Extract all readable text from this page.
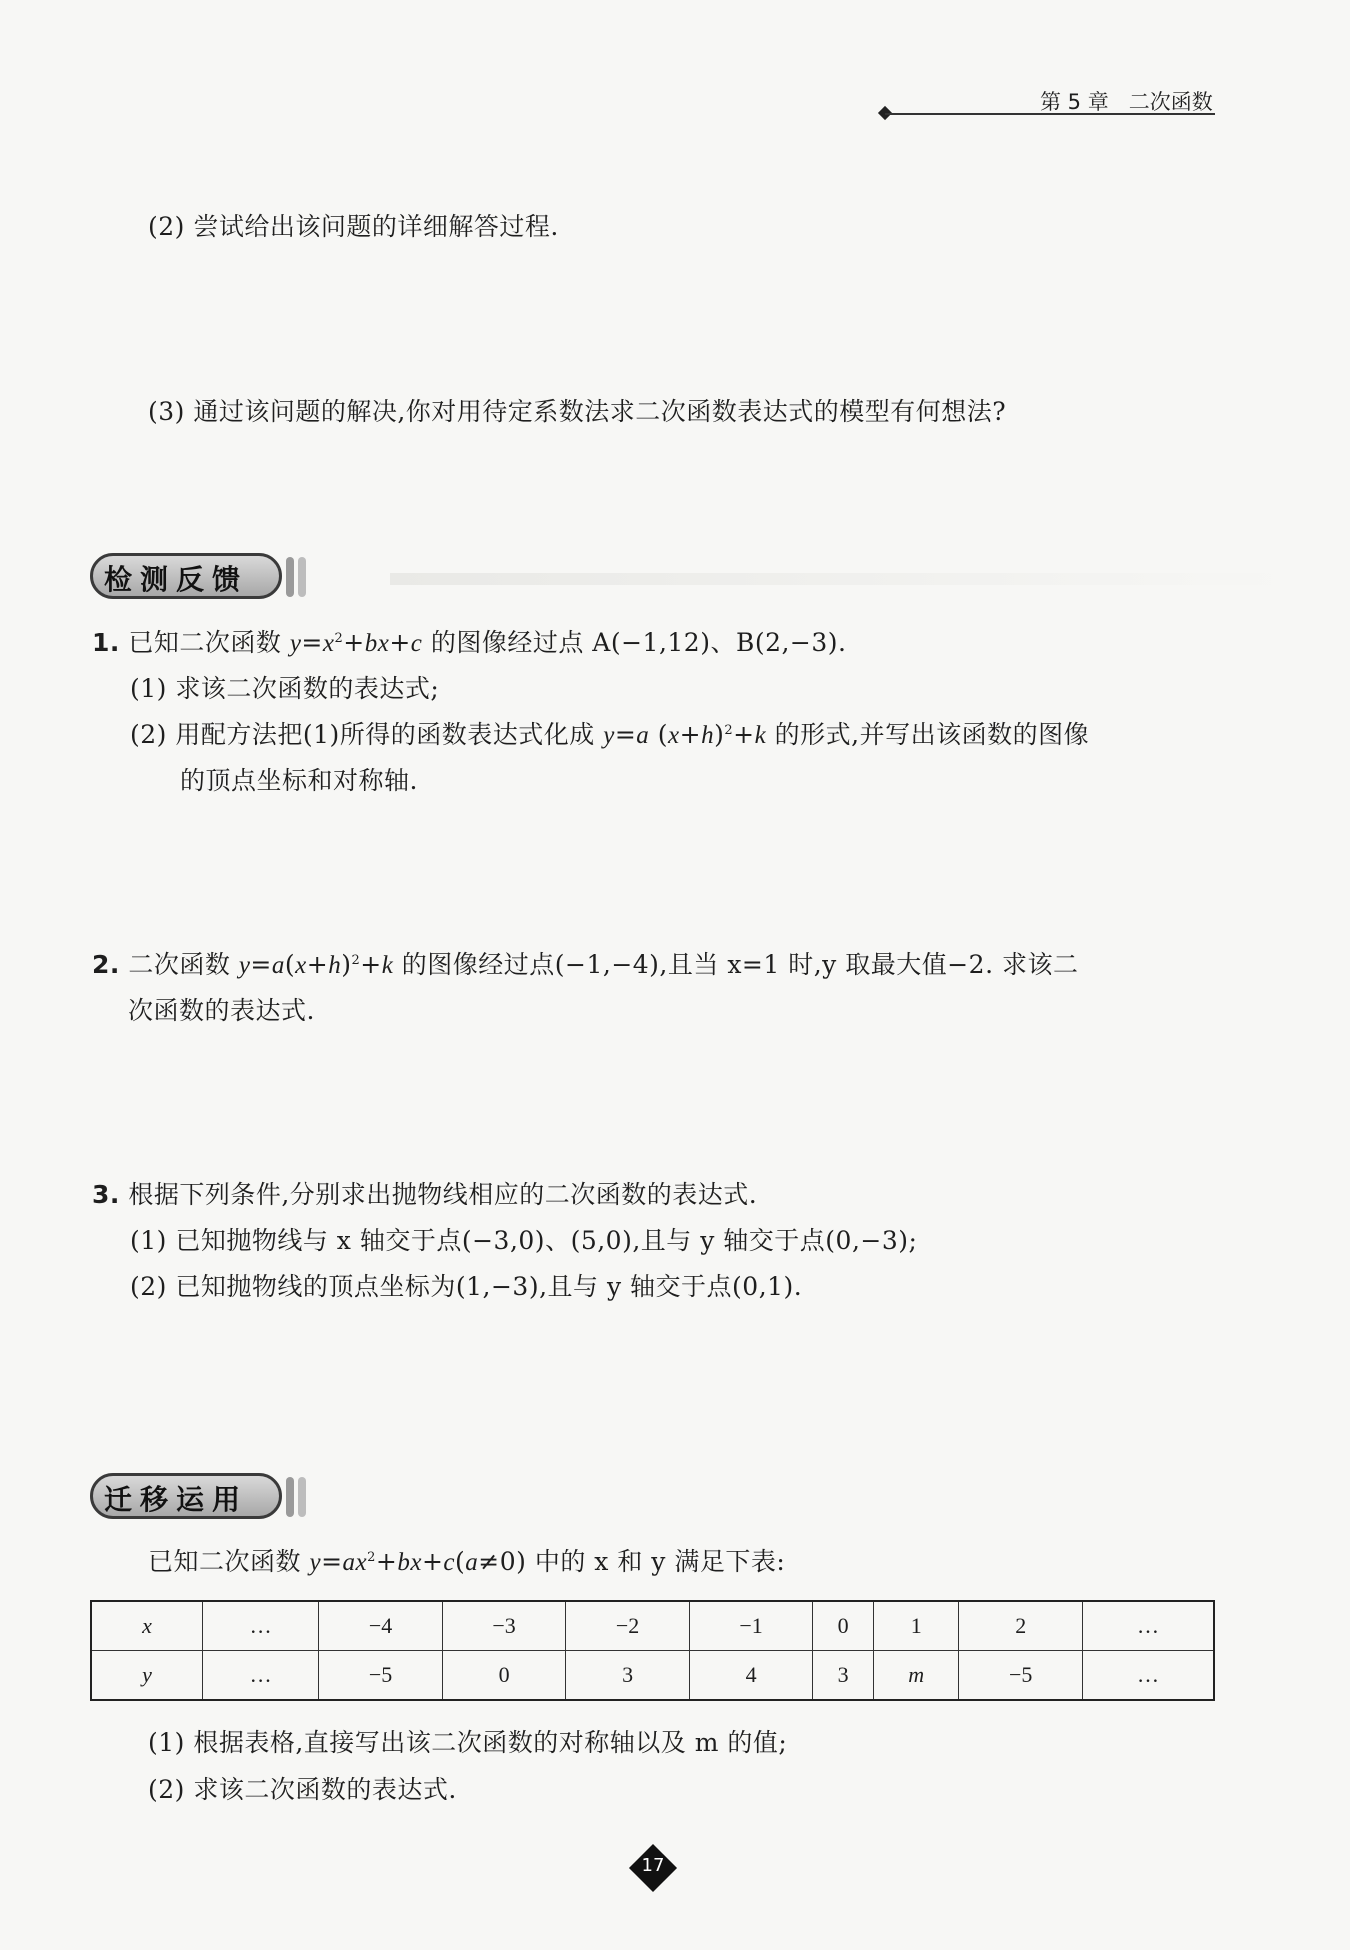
第 5 章 二次函数
(2) 尝试给出该问题的详细解答过程.
(3) 通过该问题的解决,你对用待定系数法求二次函数表达式的模型有何想法?
检测反馈
1. 已知二次函数 $y=x^2+bx+c$ 的图像经过点 A(−1,12)、B(2,−3).
(1) 求该二次函数的表达式;
(2) 用配方法把(1)所得的函数表达式化成 y=a $(x+h)^2+k$ 的形式,并写出该函数的图像
的顶点坐标和对称轴.
2. 二次函数 $y=a(x+h)^2+k$ 的图像经过点(−1,−4),且当 x=1 时,y 取最大值−2. 求该二
次函数的表达式.
3. 根据下列条件,分别求出抛物线相应的二次函数的表达式.
(1) 已知抛物线与 x 轴交于点(−3,0)、(5,0),且与 y 轴交于点(0,−3);
(2) 已知抛物线的顶点坐标为(1,−3),且与 y 轴交于点(0,1).
迁移运用
已知二次函数 $y=ax^2+bx+c(a\ne 0)$ 中的 x 和 y 满足下表:
x	…	−4	−3	−2	−1	0	1	2	…
y	…	−5	0	3	4	3	m	−5	…
(1) 根据表格,直接写出该二次函数的对称轴以及 m 的值;
(2) 求该二次函数的表达式.
17
